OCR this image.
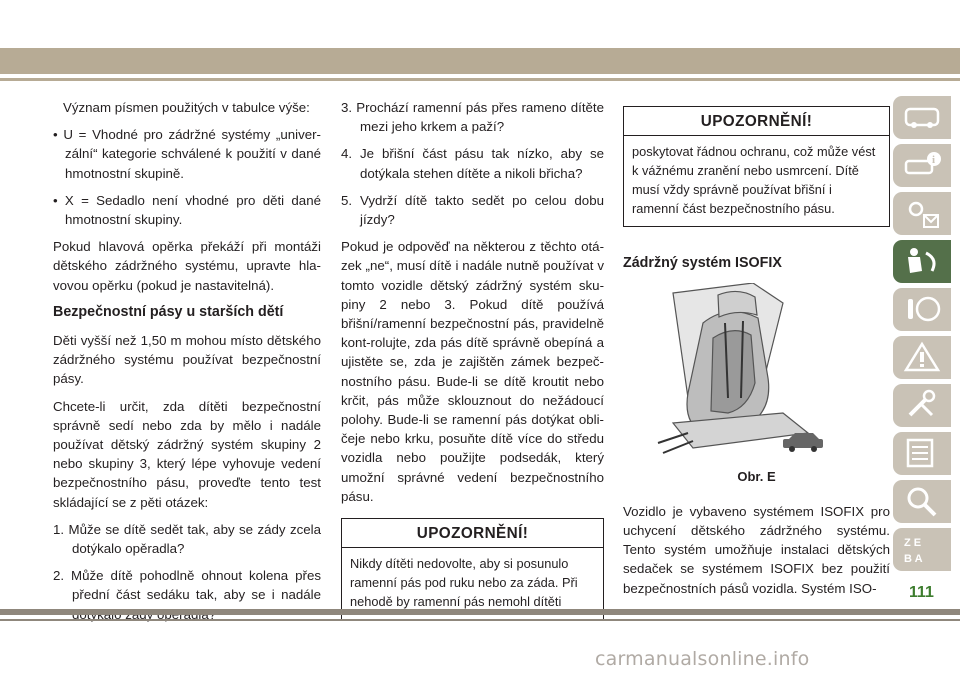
Význam písmen použitých v tabulce výše:

• U = Vhodné pro zádržné systémy „univer-zální“ kategorie schválené k použití v dané hmotnostní skupině.

• X = Sedadlo není vhodné pro děti dané hmotnostní skupiny.

Pokud hlavová opěrka překáží při montáži dětského zádržného systému, upravte hla-vovou opěrku (pokud je nastavitelná).

Bezpečnostní pásy u starších dětí

Děti vyšší než 1,50 m mohou místo dětského zádržného systému používat bezpečnostní pásy.

Chcete-li určit, zda dítěti bezpečnostní správně sedí nebo zda by mělo i nadále používat dětský zádržný systém skupiny 2 nebo skupiny 3, který lépe vyhovuje vedení bezpečnostního pásu, proveďte tento test skládající se z pěti otázek:

1. Může se dítě sedět tak, aby se zády zcela dotýkalo opěradla?

2. Může dítě pohodlně ohnout kolena přes přední část sedáku tak, aby se i nadále

3. Prochází ramenní pás přes rameno dítěte mezi jeho krkem a paží?

4. Je břišní část pásu tak nízko, aby se dotýkala stehen dítěte a nikoli břicha?

5. Vydrží dítě takto sedět po celou dobu jízdy?

Pokud je odpověď na některou z těchto otá-zek „ne“, musí dítě i nadále nutně používat v tomto vozidle dětský zádržný systém sku-piny 2 nebo 3. Pokud dítě používá břišní/ramenní bezpečnostní pás, pravidelně kont-rolujte, zda pás dítě správně obepíná a ujistěte se, zda je zajištěn zámek bezpeč-nostního pásu. Bude-li se dítě kroutit nebo krčit, pás může sklouznout do nežádoucí polohy. Bude-li se ramenní pás dotýkat obli-čeje nebo krku, posuňte dítě více do středu vozidla nebo použijte podsedák, který umožní správné vedení bezpečnostního pásu.

UPOZORNĚNÍ!
Nikdy dítěti nedovolte, aby si posunulo ramenní pás pod ruku nebo za záda. Při nehodě by ramenní pás nemohl dítěti
UPOZORNĚNÍ!
poskytovat řádnou ochranu, což může vést k vážnému zranění nebo usmrcení. Dítě musí vždy správně používat břišní i ramenní část bezpečnostního pásu.
Zádržný systém ISOFIX
Obr. E

Vozidlo je vybaveno systémem ISOFIX pro uchycení dětského zádržného systému. Tento systém umožňuje instalaci dětských sedaček se systémem ISOFIX bez použití bezpečnostních pásů vozidla. Systém ISO-

i
Z E
B A
111
carmanualsonline.info
